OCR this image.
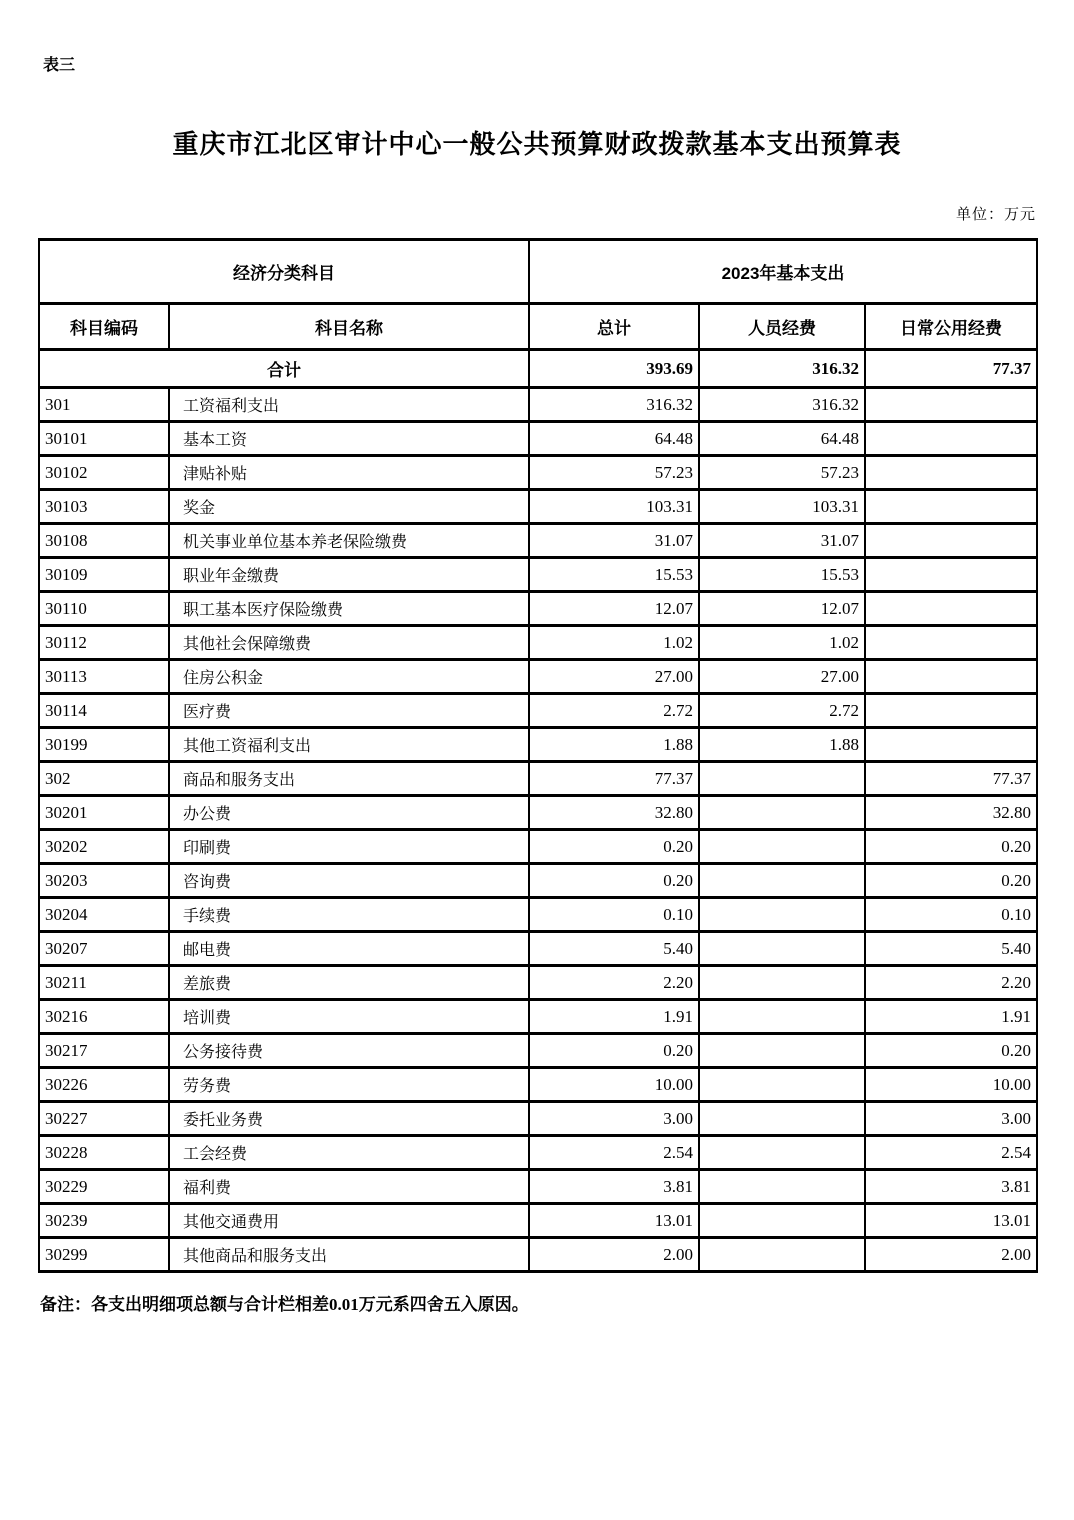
表三
重庆市江北区审计中心一般公共预算财政拨款基本支出预算表
单位：万元
经济分类科目		2023年基本支出		
科目编码	科目名称	总计	人员经费	日常公用经费
合计		393.69	316.32	77.37
301	工资福利支出	316.32	316.32	
30101	基本工资	64.48	64.48	
30102	津贴补贴	57.23	57.23	
30103	奖金	103.31	103.31	
30108	机关事业单位基本养老保险缴费	31.07	31.07	
30109	职业年金缴费	15.53	15.53	
30110	职工基本医疗保险缴费	12.07	12.07	
30112	其他社会保障缴费	1.02	1.02	
30113	住房公积金	27.00	27.00	
30114	医疗费	2.72	2.72	
30199	其他工资福利支出	1.88	1.88	
302	商品和服务支出	77.37		77.37
30201	办公费	32.80		32.80
30202	印刷费	0.20		0.20
30203	咨询费	0.20		0.20
30204	手续费	0.10		0.10
30207	邮电费	5.40		5.40
30211	差旅费	2.20		2.20
30216	培训费	1.91		1.91
30217	公务接待费	0.20		0.20
30226	劳务费	10.00		10.00
30227	委托业务费	3.00		3.00
30228	工会经费	2.54		2.54
30229	福利费	3.81		3.81
30239	其他交通费用	13.01		13.01
30299	其他商品和服务支出	2.00		2.00
备注：各支出明细项总额与合计栏相差0.01万元系四舍五入原因。
